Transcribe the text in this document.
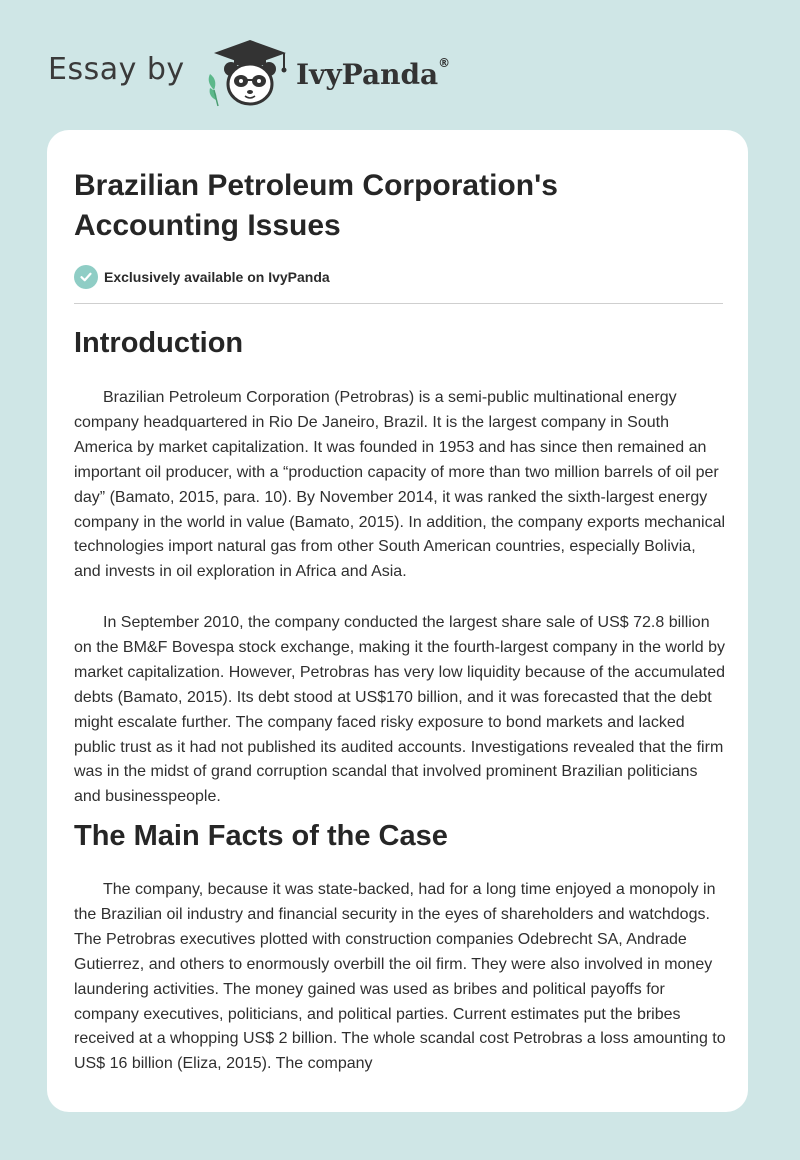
Essay by	IvyPanda®
Brazilian Petroleum Corporation's Accounting Issues
Exclusively available on IvyPanda
Introduction

Brazilian Petroleum Corporation (Petrobras) is a semi-public multinational energy company headquartered in Rio De Janeiro, Brazil. It is the largest company in South America by market capitalization. It was founded in 1953 and has since then remained an important oil producer, with a “production capacity of more than two million barrels of oil per day” (Bamato, 2015, para. 10). By November 2014, it was ranked the sixth-largest energy company in the world in value (Bamato, 2015). In addition, the company exports mechanical technologies import natural gas from other South American countries, especially Bolivia, and invests in oil exploration in Africa and Asia.

In September 2010, the company conducted the largest share sale of US$ 72.8 billion on the BM&F Bovespa stock exchange, making it the fourth-largest company in the world by market capitalization. However, Petrobras has very low liquidity because of the accumulated debts (Bamato, 2015). Its debt stood at US$170 billion, and it was forecasted that the debt might escalate further. The company faced risky exposure to bond markets and lacked public trust as it had not published its audited accounts. Investigations revealed that the firm was in the midst of grand corruption scandal that involved prominent Brazilian politicians and businesspeople.

The Main Facts of the Case

The company, because it was state-backed, had for a long time enjoyed a monopoly in the Brazilian oil industry and financial security in the eyes of shareholders and watchdogs. The Petrobras executives plotted with construction companies Odebrecht SA, Andrade Gutierrez, and others to enormously overbill the oil firm. They were also involved in money laundering activities. The money gained was used as bribes and political payoffs for company executives, politicians, and political parties. Current estimates put the bribes received at a whopping US$ 2 billion. The whole scandal cost Petrobras a loss amounting to US$ 16 billion (Eliza, 2015). The company
